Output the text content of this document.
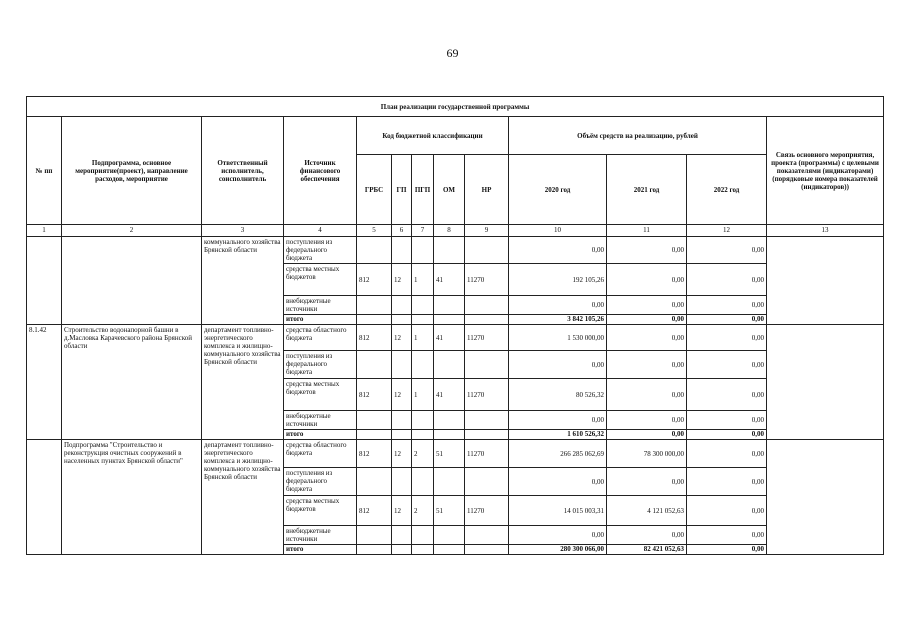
69
План реализации государственной программы												
№ пп	Подпрограмма, основное мероприятие(проект), направление расходов, мероприятие	Ответственный исполнитель, соисполнитель	Источник финансового обеспечения	Код бюджетной классификации					Объём средств на реализацию, рублей			Связь основного мероприятия, проекта (программы) с целевыми показателями (индикаторами) (порядковые номера показателей (индикаторов))
				ГРБС	ГП	ПГП	ОМ	НР	2020 год	2021 год	2022 год	
1	2	3	4	5	6	7	8	9	10	11	12	13
		коммунального хозяйства Брянской области	поступления из федерального бюджета						0,00	0,00	0,00	
			средства местных бюджетов	812	12	1	41	11270	192 105,26	0,00	0,00	
			внебюджетные источники						0,00	0,00	0,00	
			итого						3 842 105,26	0,00	0,00	
8.1.42	Строительство водонапорной башни в д.Масловка Карачевского района Брянской области	департамент топливно-энергетического комплекса и жилищно-коммунального хозяйства Брянской области	средства областного бюджета	812	12	1	41	11270	1 530 000,00	0,00	0,00	
			поступления из федерального бюджета						0,00	0,00	0,00	
			средства местных бюджетов	812	12	1	41	11270	80 526,32	0,00	0,00	
			внебюджетные источники						0,00	0,00	0,00	
			итого						1 610 526,32	0,00	0,00	
	Подпрограмма "Строительство и реконструкция очистных сооружений в населенных пунктах Брянской области"	департамент топливно-энергетического комплекса и жилищно-коммунального хозяйства Брянской области	средства областного бюджета	812	12	2	51	11270	266 285 062,69	78 300 000,00	0,00	
			поступления из федерального бюджета						0,00	0,00	0,00	
			средства местных бюджетов	812	12	2	51	11270	14 015 003,31	4 121 052,63	0,00	
			внебюджетные источники						0,00	0,00	0,00	
			итого						280 300 066,00	82 421 052,63	0,00	
